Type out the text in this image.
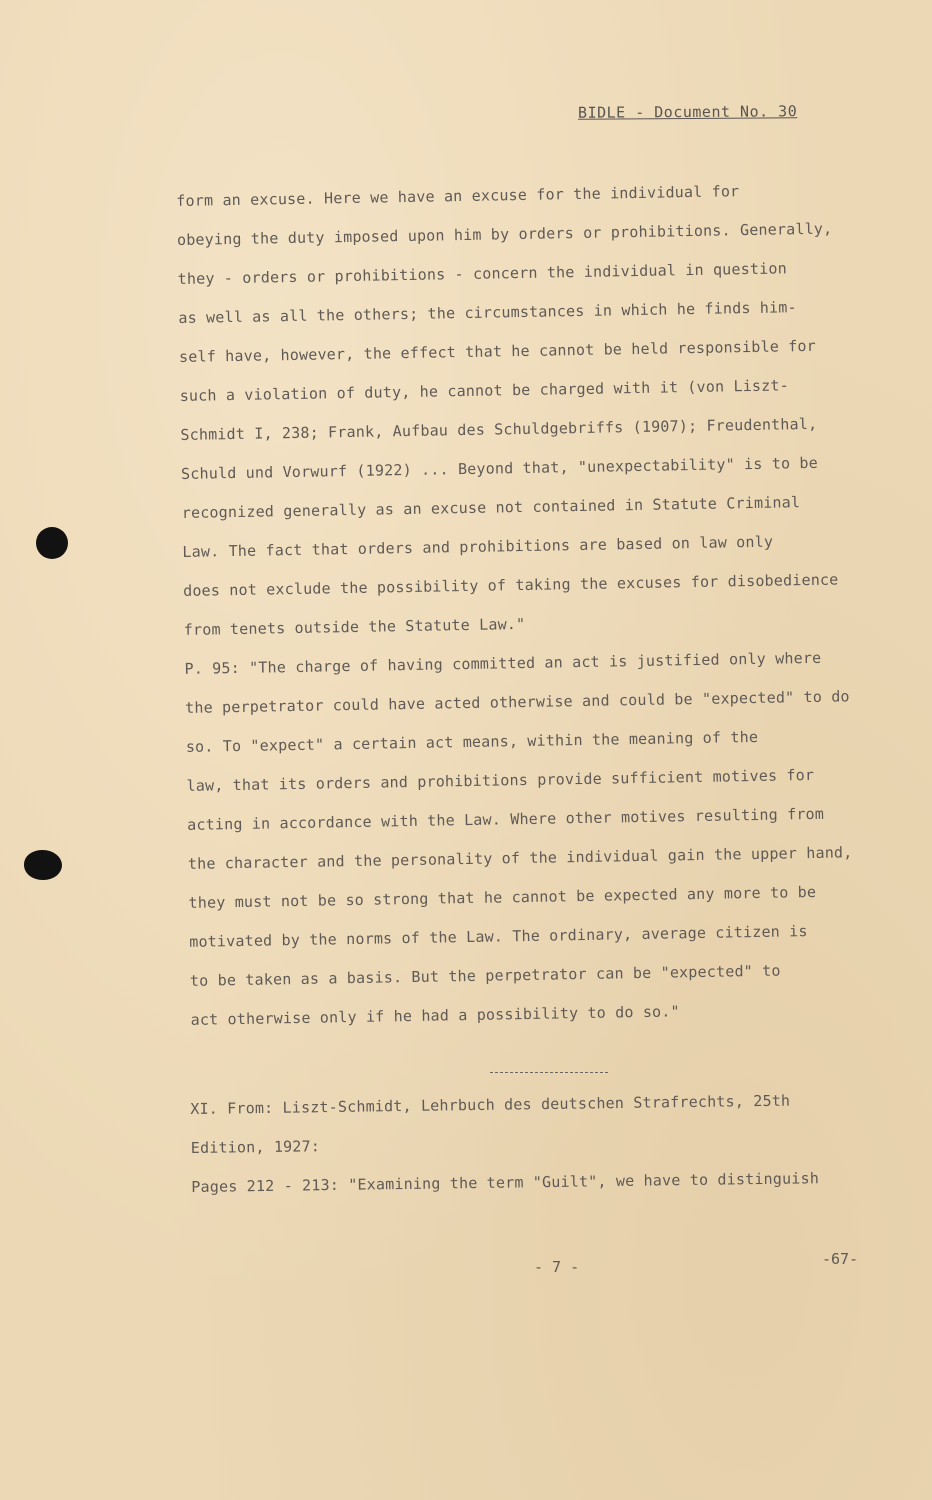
BIDLE - Document No. 30
form an excuse. Here we have an excuse for the individual for
obeying the duty imposed upon him by orders or prohibitions. Generally,
they - orders or prohibitions - concern the individual in question
as well as all the others; the circumstances in which he finds him-
self have, however, the effect that he cannot be held responsible for
such a violation of duty, he cannot be charged with it (von Liszt-
Schmidt I, 238; Frank, Aufbau des Schuldgebriffs (1907); Freudenthal,
Schuld und Vorwurf (1922) ... Beyond that, "unexpectability" is to be
recognized generally as an excuse not contained in Statute Criminal
Law. The fact that orders and prohibitions are based on law only
does not exclude the possibility of taking the excuses for disobedience
from tenets outside the Statute Law."
P. 95: "The charge of having committed an act is justified only where
the perpetrator could have acted otherwise and could be "expected" to do
so. To "expect" a certain act means, within the meaning of the
law, that its orders and prohibitions provide sufficient motives for
acting in accordance with the Law. Where other motives resulting from
the character and the personality of the individual gain the upper hand,
they must not be so strong that he cannot be expected any more to be
motivated by the norms of the Law. The ordinary, average citizen is
to be taken as a basis. But the perpetrator can be "expected" to
act otherwise only if he had a possibility to do so."
XI. From: Liszt-Schmidt, Lehrbuch des deutschen Strafrechts, 25th
Edition, 1927:
Pages 212 - 213: "Examining the term "Guilt", we have to distinguish
- 7 -	-67-
